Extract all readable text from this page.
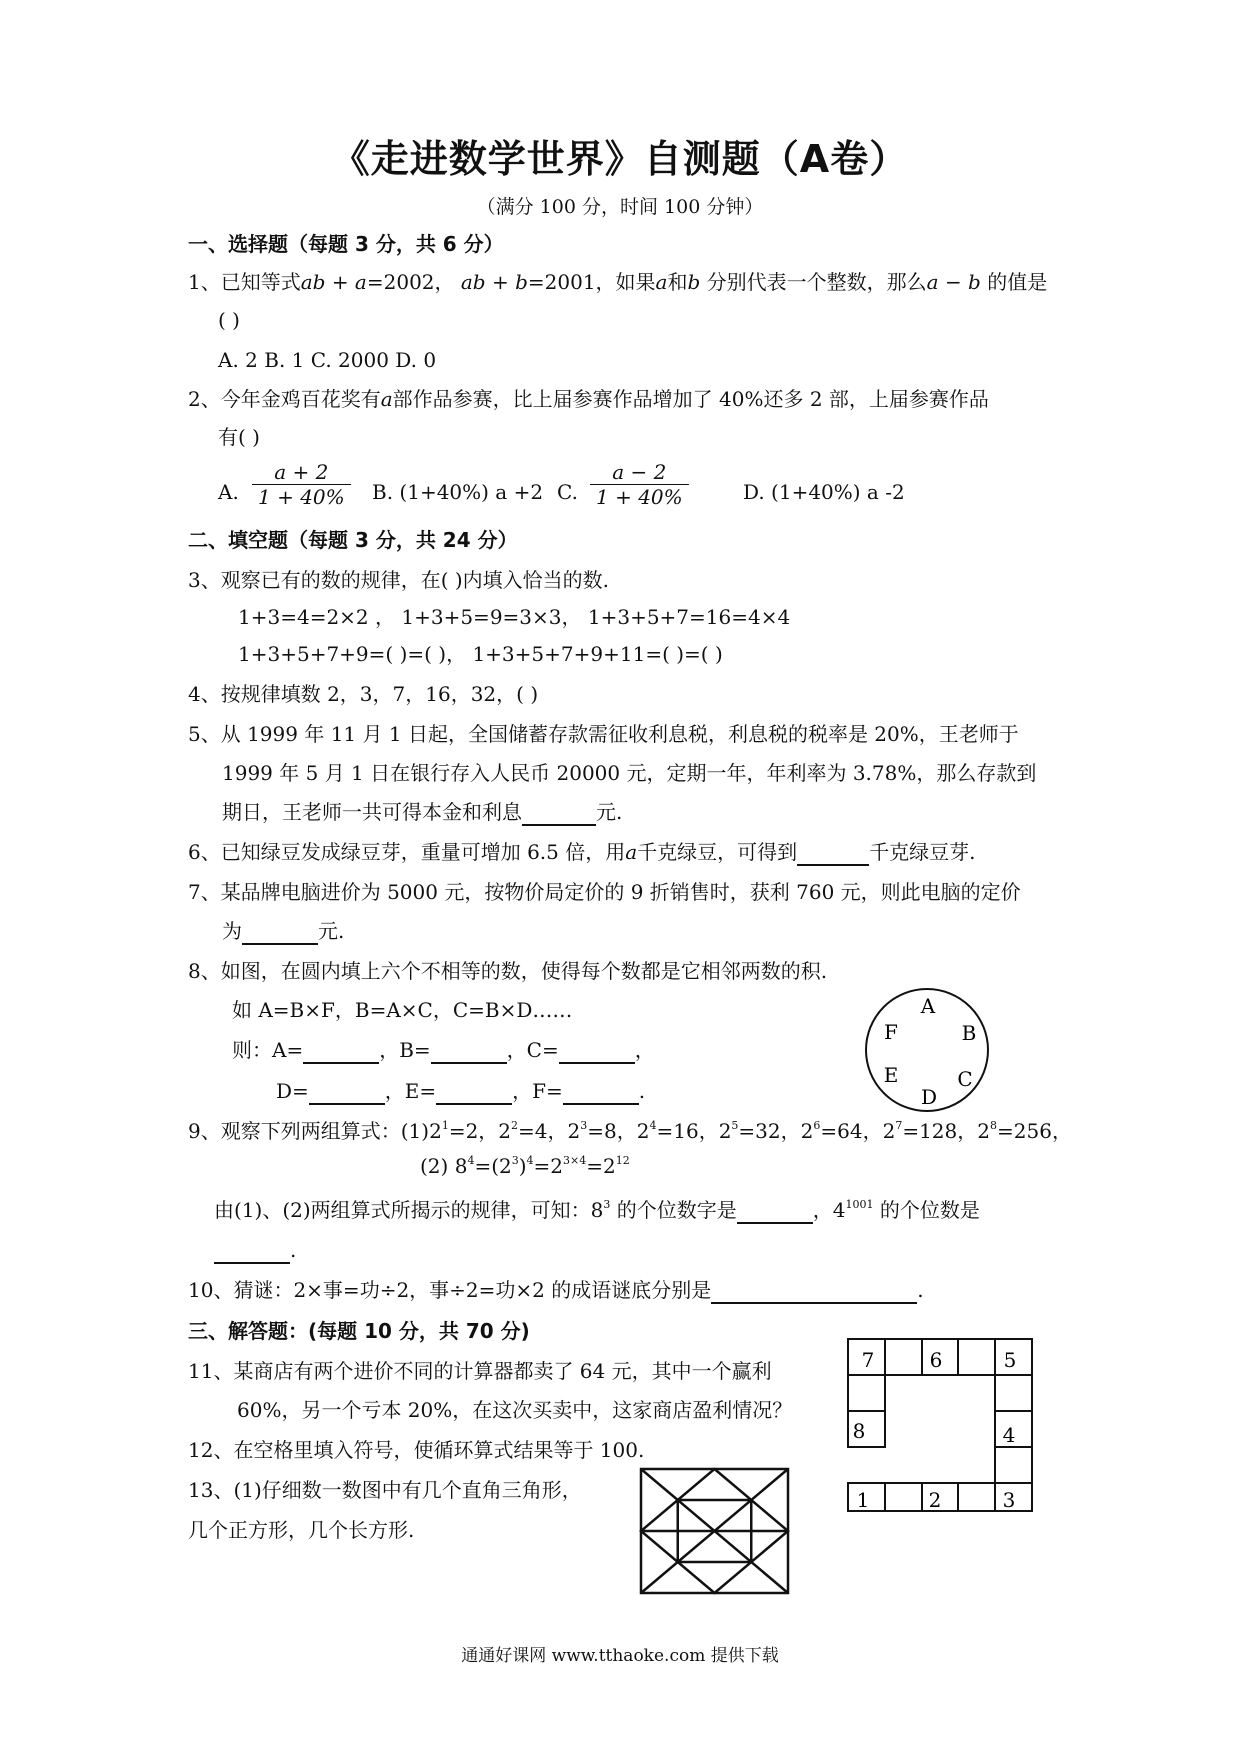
《走进数学世界》自测题（A卷）
（满分 100 分，时间 100 分钟）
一、选择题（每题 3 分，共 6 分）
1、已知等式ab + a=2002， ab + b=2001，如果a和b 分别代表一个整数，那么a − b 的值是
( )
A. 2 B. 1 C. 2000 D. 0
2、今年金鸡百花奖有a部作品参赛，比上届参赛作品增加了 40%还多 2 部，上届参赛作品
有( )
A. $\frac{a + 2}{1 + 40\%} B$. (1+40%) a +2 C. $\frac{a - 2}{1 + 40\%}$	D. (1+40%) a -2
二、填空题（每题 3 分，共 24 分）
3、观察已有的数的规律，在( )内填入恰当的数.
1+3=4=2×2 ， 1+3+5=9=3×3， 1+3+5+7=16=4×4
1+3+5+7+9=( )=( )， 1+3+5+7+9+11=( )=( )
4、按规律填数 2，3，7，16，32，( )
5、从 1999 年 11 月 1 日起，全国储蓄存款需征收利息税，利息税的税率是 20%，王老师于
1999 年 5 月 1 日在银行存入人民币 20000 元，定期一年，年利率为 3.78%，那么存款到
期日，王老师一共可得本金和利息	元.
6、已知绿豆发成绿豆芽，重量可增加 6.5 倍，用a千克绿豆，可得到	千克绿豆芽.
7、某品牌电脑进价为 5000 元，按物价局定价的 9 折销售时，获利 760 元，则此电脑的定价
为	元.
8、如图，在圆内填上六个不相等的数，使得每个数都是它相邻两数的积.
如 A=B×F，B=A×C，C=B×D……
则：A=	，B=	，C=	，
D=	，E=	，F=	.
A
B
C
D
E
F
9、观察下列两组算式：$(1)2^1=2$，$2^2=4$，$2^3=8$，$2^4=16$，$2^5=32$，$2^6=64$，$2^7=128$，$2^8=256$，
(2) $8^4=(2^3)^4=2^{3\times 4}=2^{12}$
由(1)、(2)两组算式所揭示的规律，可知：$8^3$ 的个位数字是	，$4^{1001}$ 的个位数是
.
10、猜谜：2×事=功÷2，事÷2=功×2 的成语谜底分别是	.
三、解答题：(每题 10 分，共 70 分)
11、某商店有两个进价不同的计算器都卖了 64 元，其中一个赢利
60%，另一个亏本 20%，在这次买卖中，这家商店盈利情况？
12、在空格里填入符号，使循环算式结果等于 100.
13、(1)仔细数一数图中有几个直角三角形，
几个正方形，几个长方形.
7	6	5
8	4
1	2	3
通通好课网 www.tthaoke.com 提供下载
